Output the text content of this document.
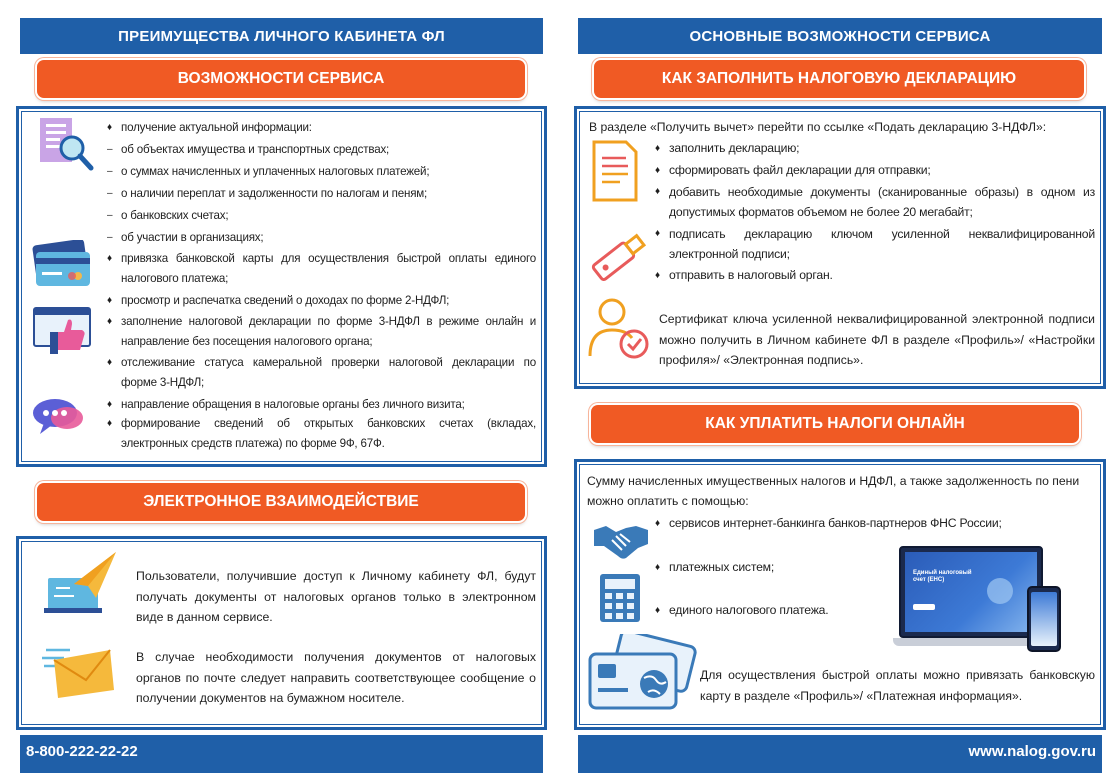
ПРЕИМУЩЕСТВА ЛИЧНОГО КАБИНЕТА ФЛ
ВОЗМОЖНОСТИ СЕРВИСА
♦ получение актуальной информации:
– об объектах имущества и транспортных средствах;
– о суммах начисленных и уплаченных налоговых платежей;
– о наличии переплат и задолженности по налогам и пеням;
– о банковских счетах;
– об участии в организациях;
♦ привязка банковской карты для осуществления быстрой оплаты единого налогового платежа;
♦ просмотр и распечатка сведений о доходах по форме 2-НДФЛ;
♦ заполнение налоговой декларации по форме 3-НДФЛ в режиме онлайн и направление без посещения налогового органа;
♦ отслеживание статуса камеральной проверки налоговой декларации по форме 3-НДФЛ;
♦ направление обращения в налоговые органы без личного визита;
♦ формирование сведений об открытых банковских счетах (вкладах, электронных средств платежа) по форме 9Ф, 67Ф.
ЭЛЕКТРОННОЕ ВЗАИМОДЕЙСТВИЕ
Пользователи, получившие доступ к Личному кабинету ФЛ, будут получать документы от налоговых органов только в электронном виде в данном сервисе.
В случае необходимости получения документов от налоговых органов по почте следует направить соответствующее сообщение о получении документов на бумажном носителе.
8-800-222-22-22
ОСНОВНЫЕ ВОЗМОЖНОСТИ СЕРВИСА
КАК ЗАПОЛНИТЬ НАЛОГОВУЮ ДЕКЛАРАЦИЮ
В разделе «Получить вычет» перейти по ссылке «Подать декларацию 3-НДФЛ»:
♦ заполнить декларацию;
♦ сформировать файл декларации для отправки;
♦ добавить необходимые документы (сканированные образы) в одном из допустимых форматов объемом не более 20 мегабайт;
♦ подписать декларацию ключом усиленной неквалифицированной электронной подписи;
♦ отправить в налоговый орган.
Сертификат ключа усиленной неквалифицированной электронной подписи можно получить в Личном кабинете ФЛ в разделе «Профиль»/ «Настройки профиля»/ «Электронная подпись».
КАК УПЛАТИТЬ НАЛОГИ ОНЛАЙН
Сумму начисленных имущественных налогов и НДФЛ, а также задолженность по пени можно оплатить с помощью:
♦ сервисов интернет-банкинга банков-партнеров ФНС России;
♦ платежных систем;
♦ единого налогового платежа.
Единый налоговый счет (ЕНС)
Для осуществления быстрой оплаты можно привязать банковскую карту в разделе «Профиль»/ «Платежная информация».
www.nalog.gov.ru
